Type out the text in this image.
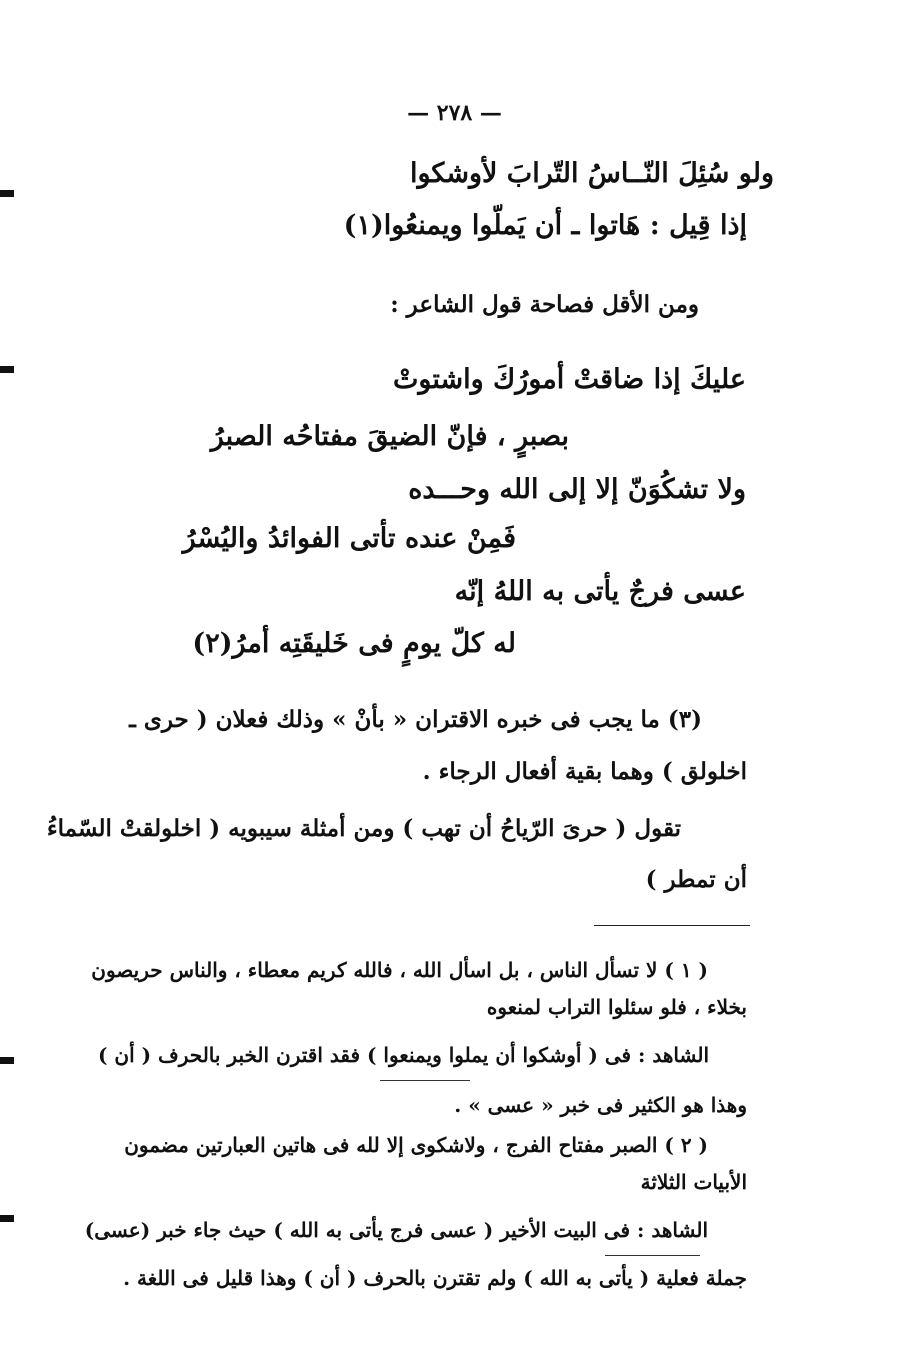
— ٢٧٨ —
ولو سُئِلَ النّــاسُ التّرابَ لأوشكوا
إذا قِيل : هَاتوا ـ أن يَملّوا ويمنعُوا(١)
ومن الأقل فصاحة قول الشاعر :
عليكَ إذا ضاقتْ أمورُكَ واشتوتْ
بصبرٍ ، فإنّ الضيقَ مفتاحُه الصبرُ
ولا تشكُوَنّ إلا إلى الله وحـــده
فَمِنْ عنده تأتى الفوائدُ واليُسْرُ
عسى فرجٌ يأتى به اللهُ إنّه
له كلّ يومٍ فى خَليقَتِه أمرُ(٢)
(٣) ما يجب فى خبره الاقتران « بأنْ » وذلك فعلان ( حرى ـ
اخلولق ) وهما بقية أفعال الرجاء .
تقول ( حرىَ الرّياحُ أن تهب ) ومن أمثلة سيبويه ( اخلولقتْ السّماءُ
أن تمطر )
( ١ ) لا تسأل الناس ، بل اسأل الله ، فالله كريم معطاء ، والناس حريصون
بخلاء ، فلو سئلوا التراب لمنعوه
الشاهد : فى ( أوشكوا أن يملوا ويمنعوا ) فقد اقترن الخبر بالحرف ( أن )
وهذا هو الكثير فى خبر « عسى » .
( ٢ ) الصبر مفتاح الفرج ، ولاشكوى إلا لله فى هاتين العبارتين مضمون
الأبيات الثلاثة
الشاهد : فى البيت الأخير ( عسى فرج يأتى به الله ) حيث جاء خبر (عسى)
جملة فعلية ( يأتى به الله ) ولم تقترن بالحرف ( أن ) وهذا قليل فى اللغة .
